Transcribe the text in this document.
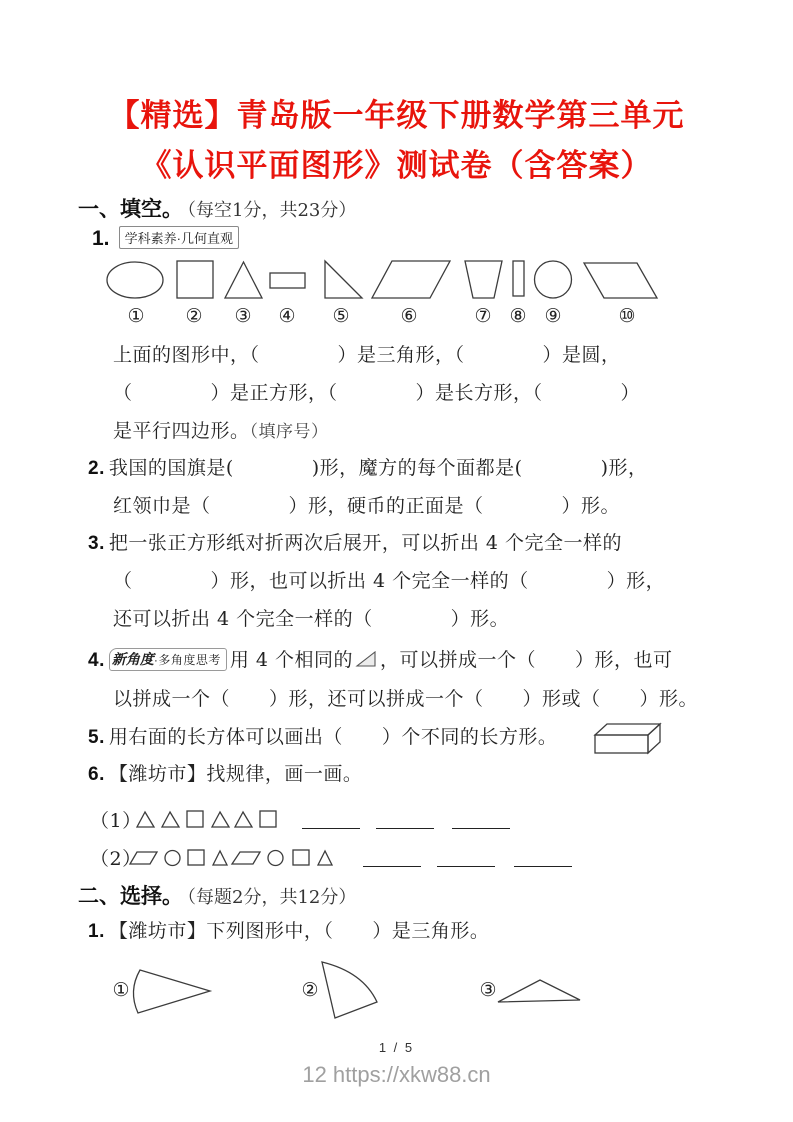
【精选】青岛版一年级下册数学第三单元
《认识平面图形》测试卷（含答案）
一、填空。 （每空1分，共23分）
1. 学科素养·几何直观
① ② ③ ④ ⑤	⑥	⑦ ⑧ ⑨	⑩
上面的图形中，（　　　　）是三角形，（　　　　）是圆，
（　　　　）是正方形，（　　　　）是长方形，（　　　　）
是平行四边形。（填序号）
2. 我国的国旗是(　　　　)形，魔方的每个面都是(　　　　)形，
红领巾是（　　　　）形，硬币的正面是（　　　　）形。
3. 把一张正方形纸对折两次后展开，可以折出 4 个完全一样的
（　　　　）形，也可以折出 4 个完全一样的（　　　　）形，
还可以折出 4 个完全一样的（　　　　）形。
4. 新角度·多角度思考 用 4 个相同的 ，可以拼成一个（　　）形，也可
以拼成一个（　　）形，还可以拼成一个（　　）形或（　　）形。
5. 用右面的长方体可以画出（　　）个不同的长方形。
6. 【潍坊市】找规律，画一画。
（1）
（2）
二、选择。 （每题2分，共12分）
1. 【潍坊市】下列图形中，（　　）是三角形。
①	②	③
1 / 5
12 https://xkw88.cn
